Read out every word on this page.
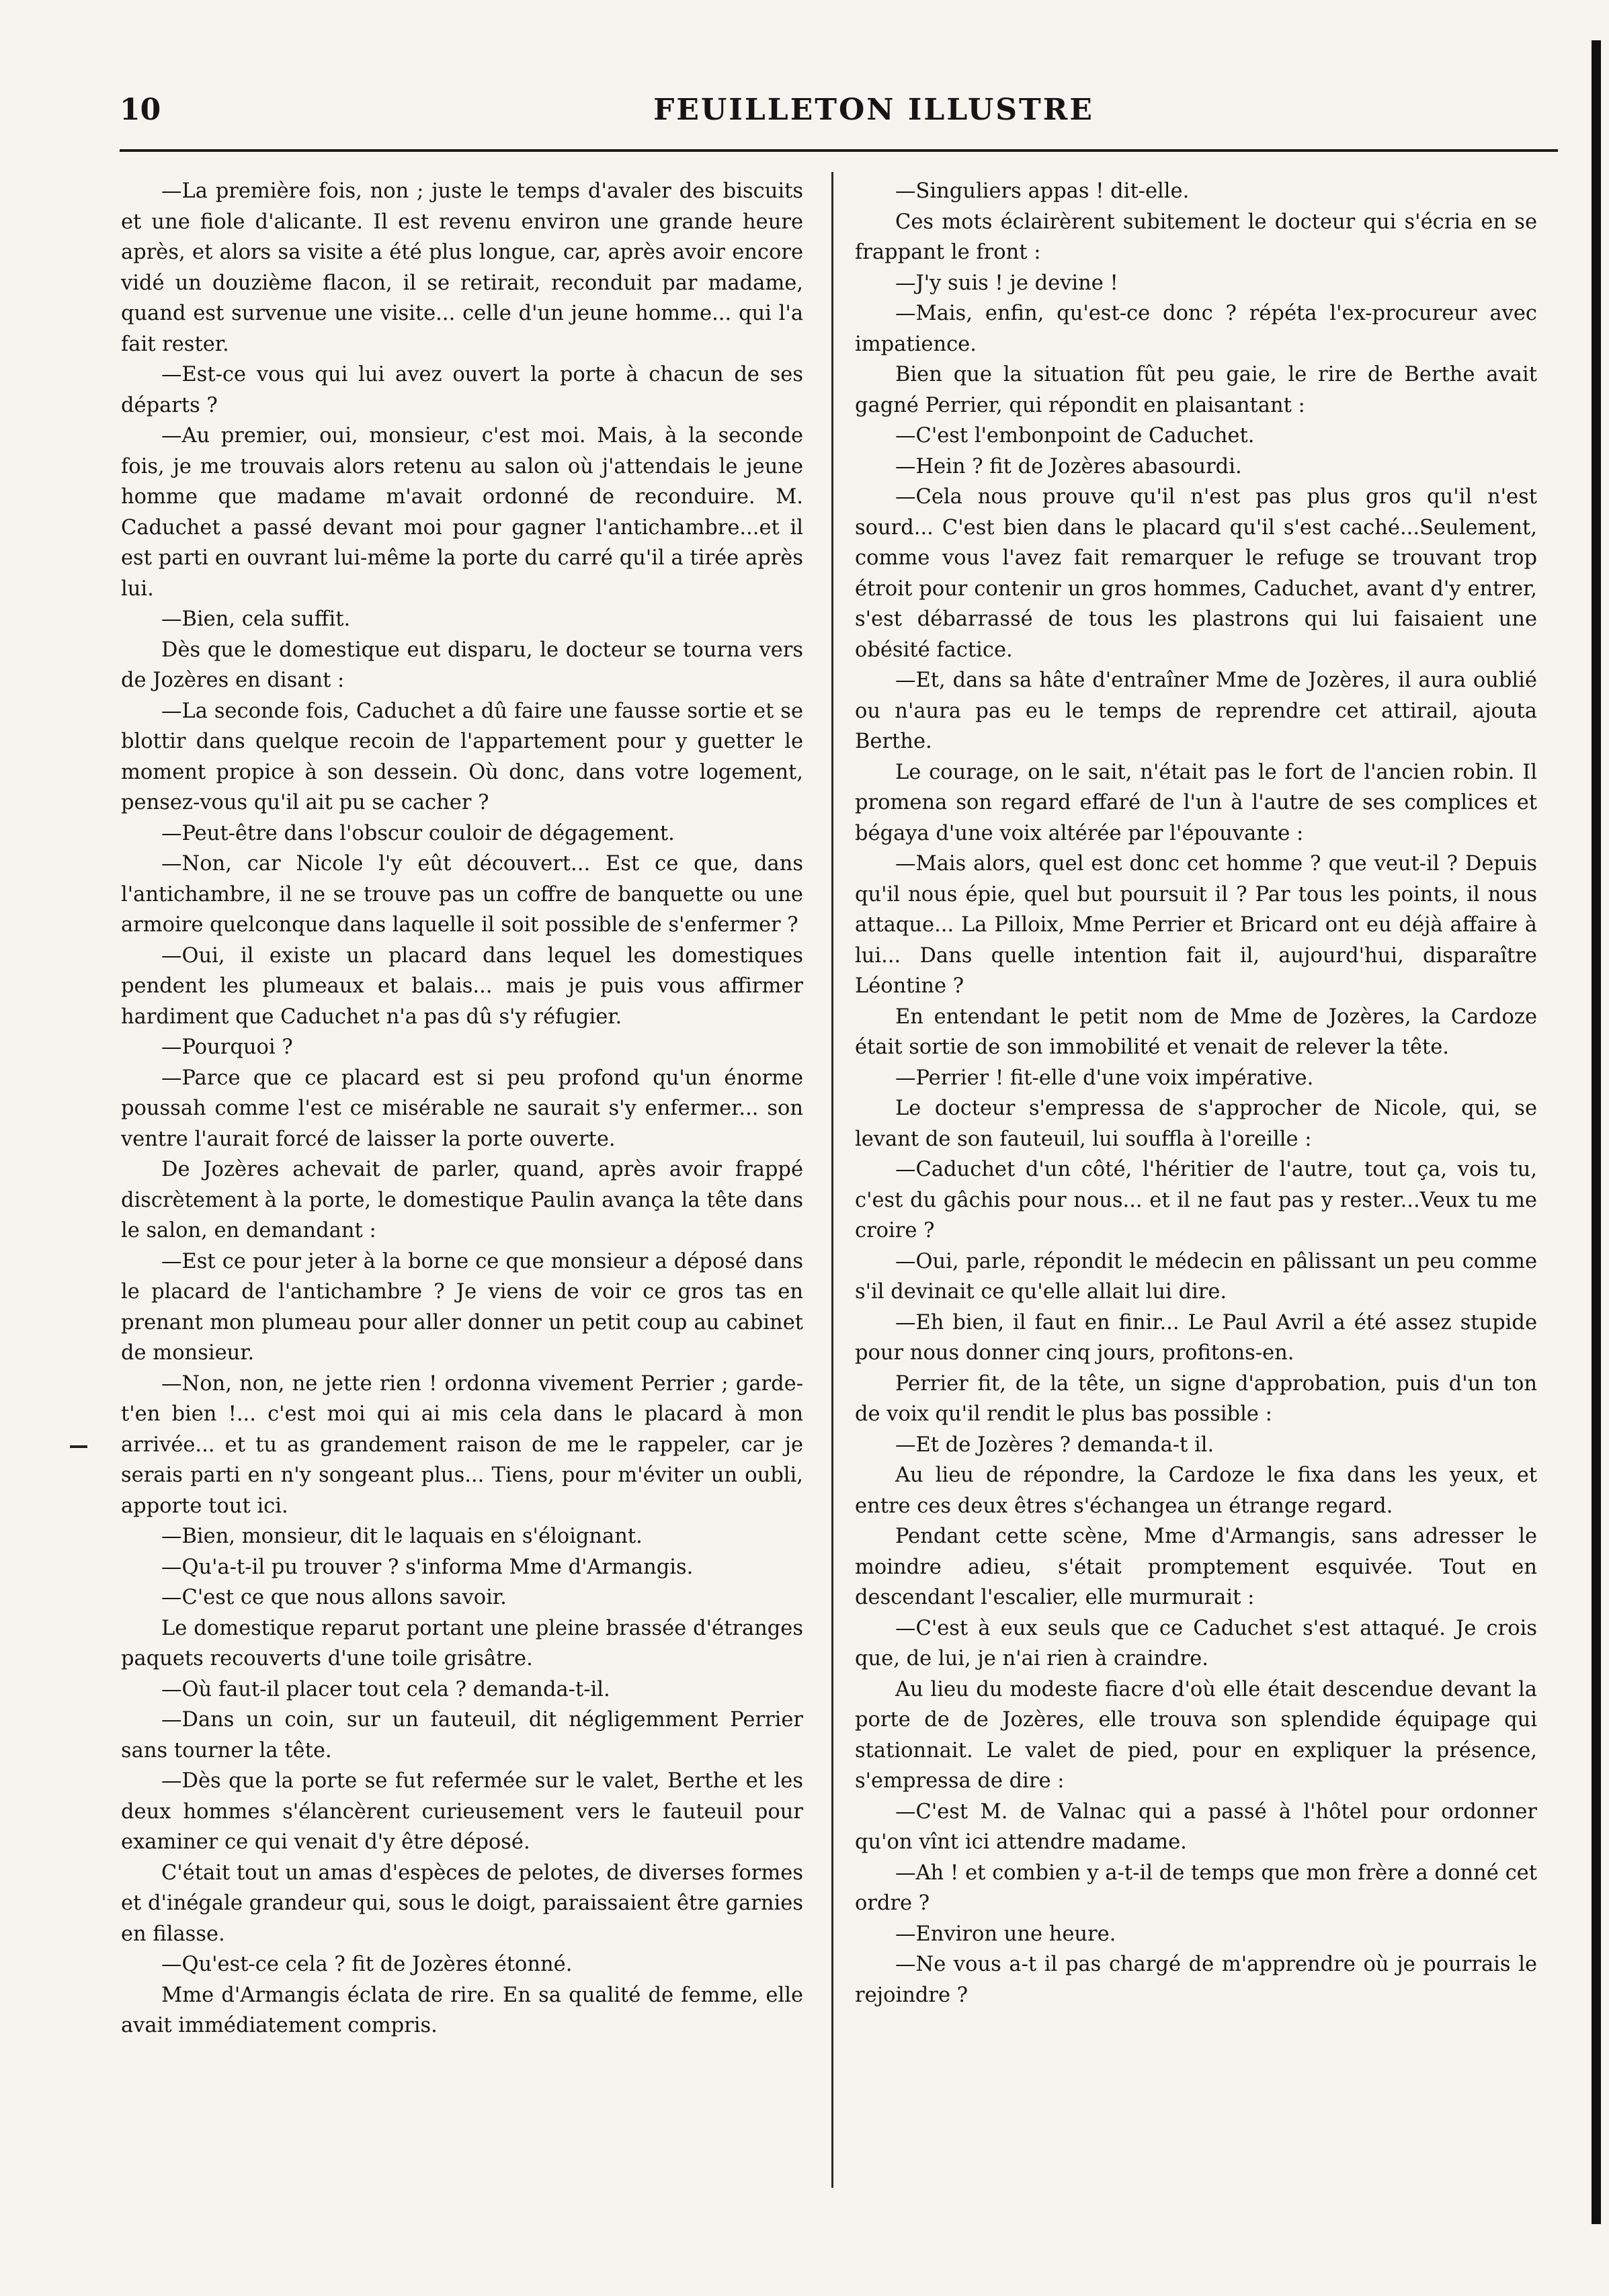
10	FEUILLETON ILLUSTRE

—La première fois, non ; juste le temps d'avaler des biscuits et une fiole d'alicante. Il est revenu environ une grande heure après, et alors sa visite a été plus longue, car, après avoir encore vidé un douzième flacon, il se retirait, reconduit par madame, quand est survenue une visite... celle d'un jeune homme... qui l'a fait rester.

—Est-ce vous qui lui avez ouvert la porte à chacun de ses départs ?

—Au premier, oui, monsieur, c'est moi. Mais, à la seconde fois, je me trouvais alors retenu au salon où j'attendais le jeune homme que madame m'avait ordonné de reconduire. M. Caduchet a passé devant moi pour gagner l'antichambre...et il est parti en ouvrant lui-même la porte du carré qu'il a tirée après lui.

—Bien, cela suffit.

Dès que le domestique eut disparu, le docteur se tourna vers de Jozères en disant :

—La seconde fois, Caduchet a dû faire une fausse sortie et se blottir dans quelque recoin de l'appartement pour y guetter le moment propice à son dessein. Où donc, dans votre logement, pensez-vous qu'il ait pu se cacher ?

—Peut-être dans l'obscur couloir de dégagement.

—Non, car Nicole l'y eût découvert... Est ce que, dans l'antichambre, il ne se trouve pas un coffre de banquette ou une armoire quelconque dans laquelle il soit possible de s'enfermer ?

—Oui, il existe un placard dans lequel les domestiques pendent les plumeaux et balais... mais je puis vous affirmer hardiment que Caduchet n'a pas dû s'y réfugier.

—Pourquoi ?

—Parce que ce placard est si peu profond qu'un énorme poussah comme l'est ce misérable ne saurait s'y enfermer... son ventre l'aurait forcé de laisser la porte ouverte.

De Jozères achevait de parler, quand, après avoir frappé discrètement à la porte, le domestique Paulin avança la tête dans le salon, en demandant :

—Est ce pour jeter à la borne ce que monsieur a déposé dans le placard de l'antichambre ? Je viens de voir ce gros tas en prenant mon plumeau pour aller donner un petit coup au cabinet de monsieur.

—Non, non, ne jette rien ! ordonna vivement Perrier ; garde-t'en bien !... c'est moi qui ai mis cela dans le placard à mon arrivée... et tu as grandement raison de me le rappeler, car je serais parti en n'y songeant plus... Tiens, pour m'éviter un oubli, apporte tout ici.

—Bien, monsieur, dit le laquais en s'éloignant.

—Qu'a-t-il pu trouver ? s'informa Mme d'Armangis.

—C'est ce que nous allons savoir.

Le domestique reparut portant une pleine brassée d'étranges paquets recouverts d'une toile grisâtre.

—Où faut-il placer tout cela ? demanda-t-il.

—Dans un coin, sur un fauteuil, dit négligemment Perrier sans tourner la tête.

—Dès que la porte se fut refermée sur le valet, Berthe et les deux hommes s'élancèrent curieusement vers le fauteuil pour examiner ce qui venait d'y être déposé.

C'était tout un amas d'espèces de pelotes, de diverses formes et d'inégale grandeur qui, sous le doigt, paraissaient être garnies en filasse.

—Qu'est-ce cela ? fit de Jozères étonné.

Mme d'Armangis éclata de rire. En sa qualité de femme, elle avait immédiatement compris.

—Singuliers appas ! dit-elle.

Ces mots éclairèrent subitement le docteur qui s'écria en se frappant le front :

—J'y suis ! je devine !

—Mais, enfin, qu'est-ce donc ? répéta l'ex-procureur avec impatience.

Bien que la situation fût peu gaie, le rire de Berthe avait gagné Perrier, qui répondit en plaisantant :

—C'est l'embonpoint de Caduchet.

—Hein ? fit de Jozères abasourdi.

—Cela nous prouve qu'il n'est pas plus gros qu'il n'est sourd... C'est bien dans le placard qu'il s'est caché...Seulement, comme vous l'avez fait remarquer le refuge se trouvant trop étroit pour contenir un gros hommes, Caduchet, avant d'y entrer, s'est débarrassé de tous les plastrons qui lui faisaient une obésité factice.

—Et, dans sa hâte d'entraîner Mme de Jozères, il aura oublié ou n'aura pas eu le temps de reprendre cet attirail, ajouta Berthe.

Le courage, on le sait, n'était pas le fort de l'ancien robin. Il promena son regard effaré de l'un à l'autre de ses complices et bégaya d'une voix altérée par l'épouvante :

—Mais alors, quel est donc cet homme ? que veut-il ? Depuis qu'il nous épie, quel but poursuit il ? Par tous les points, il nous attaque... La Pilloix, Mme Perrier et Bricard ont eu déjà affaire à lui... Dans quelle intention fait il, aujourd'hui, disparaître Léontine ?

En entendant le petit nom de Mme de Jozères, la Cardoze était sortie de son immobilité et venait de relever la tête.

—Perrier ! fit-elle d'une voix impérative.

Le docteur s'empressa de s'approcher de Nicole, qui, se levant de son fauteuil, lui souffla à l'oreille :

—Caduchet d'un côté, l'héritier de l'autre, tout ça, vois tu, c'est du gâchis pour nous... et il ne faut pas y rester...Veux tu me croire ?

—Oui, parle, répondit le médecin en pâlissant un peu comme s'il devinait ce qu'elle allait lui dire.

—Eh bien, il faut en finir... Le Paul Avril a été assez stupide pour nous donner cinq jours, profitons-en.

Perrier fit, de la tête, un signe d'approbation, puis d'un ton de voix qu'il rendit le plus bas possible :

—Et de Jozères ? demanda-t il.

Au lieu de répondre, la Cardoze le fixa dans les yeux, et entre ces deux êtres s'échangea un étrange regard.

Pendant cette scène, Mme d'Armangis, sans adresser le moindre adieu, s'était promptement esquivée. Tout en descendant l'escalier, elle murmurait :

—C'est à eux seuls que ce Caduchet s'est attaqué. Je crois que, de lui, je n'ai rien à craindre.

Au lieu du modeste fiacre d'où elle était descendue devant la porte de de Jozères, elle trouva son splendide équipage qui stationnait. Le valet de pied, pour en expliquer la présence, s'empressa de dire :

—C'est M. de Valnac qui a passé à l'hôtel pour ordonner qu'on vînt ici attendre madame.

—Ah ! et combien y a-t-il de temps que mon frère a donné cet ordre ?

—Environ une heure.

—Ne vous a-t il pas chargé de m'apprendre où je pourrais le rejoindre ?
